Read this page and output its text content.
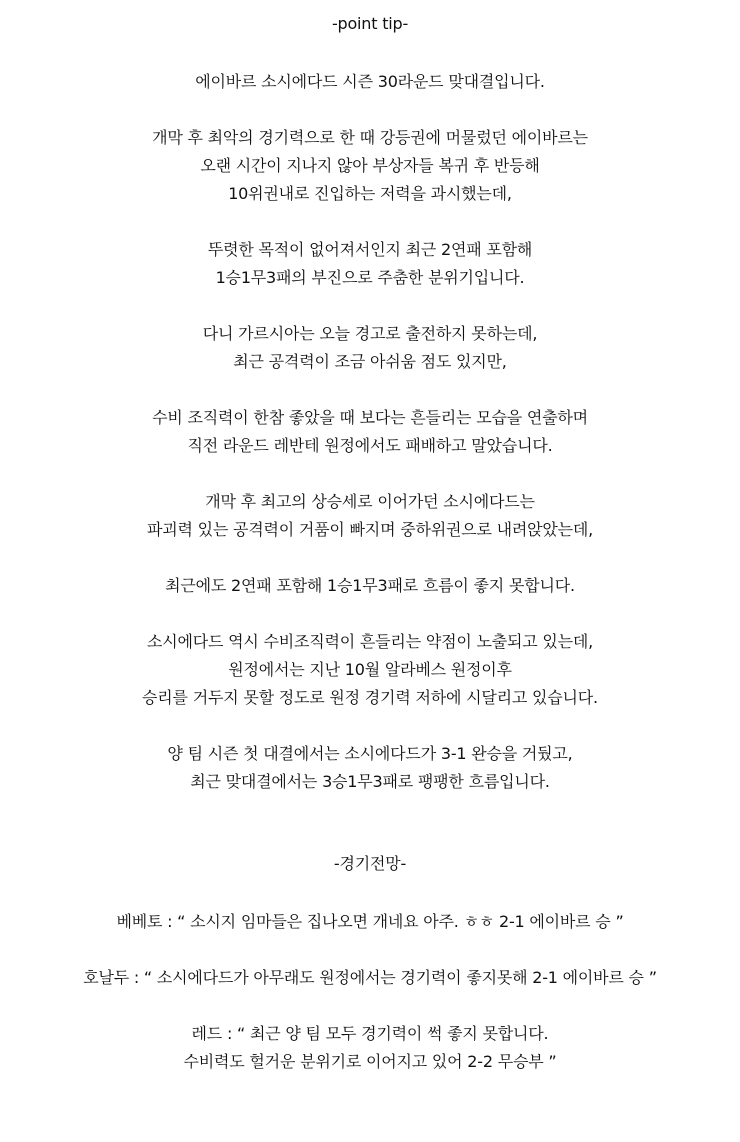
-point tip-
에이바르 소시에다드 시즌 30라운드 맞대결입니다.
개막 후 최악의 경기력으로 한 때 강등권에 머물렀던 에이바르는
오랜 시간이 지나지 않아 부상자들 복귀 후 반등해
10위권내로 진입하는 저력을 과시했는데,
뚜렷한 목적이 없어져서인지 최근 2연패 포함해
1승1무3패의 부진으로 주춤한 분위기입니다.
다니 가르시아는 오늘 경고로 출전하지 못하는데,
최근 공격력이 조금 아쉬움 점도 있지만,
수비 조직력이 한참 좋았을 때 보다는 흔들리는 모습을 연출하며
직전 라운드 레반테 원정에서도 패배하고 말았습니다.
개막 후 최고의 상승세로 이어가던 소시에다드는
파괴력 있는 공격력이 거품이 빠지며 중하위권으로 내려앉았는데,
최근에도 2연패 포함해 1승1무3패로 흐름이 좋지 못합니다.
소시에다드 역시 수비조직력이 흔들리는 약점이 노출되고 있는데,
원정에서는 지난 10월 알라베스 원정이후
승리를 거두지 못할 정도로 원정 경기력 저하에 시달리고 있습니다.
양 팀 시즌 첫 대결에서는 소시에다드가 3-1 완승을 거뒀고,
최근 맞대결에서는 3승1무3패로 팽팽한 흐름입니다.
-경기전망-
베베토 : “ 소시지 임마들은 집나오면 개네요 아주. ㅎㅎ 2-1 에이바르 승 ”
호날두 : “ 소시에다드가 아무래도 원정에서는 경기력이 좋지못해 2-1 에이바르 승 ”
레드 : “ 최근 양 팀 모두 경기력이 썩 좋지 못합니다.
수비력도 헐거운 분위기로 이어지고 있어 2-2 무승부 ”
